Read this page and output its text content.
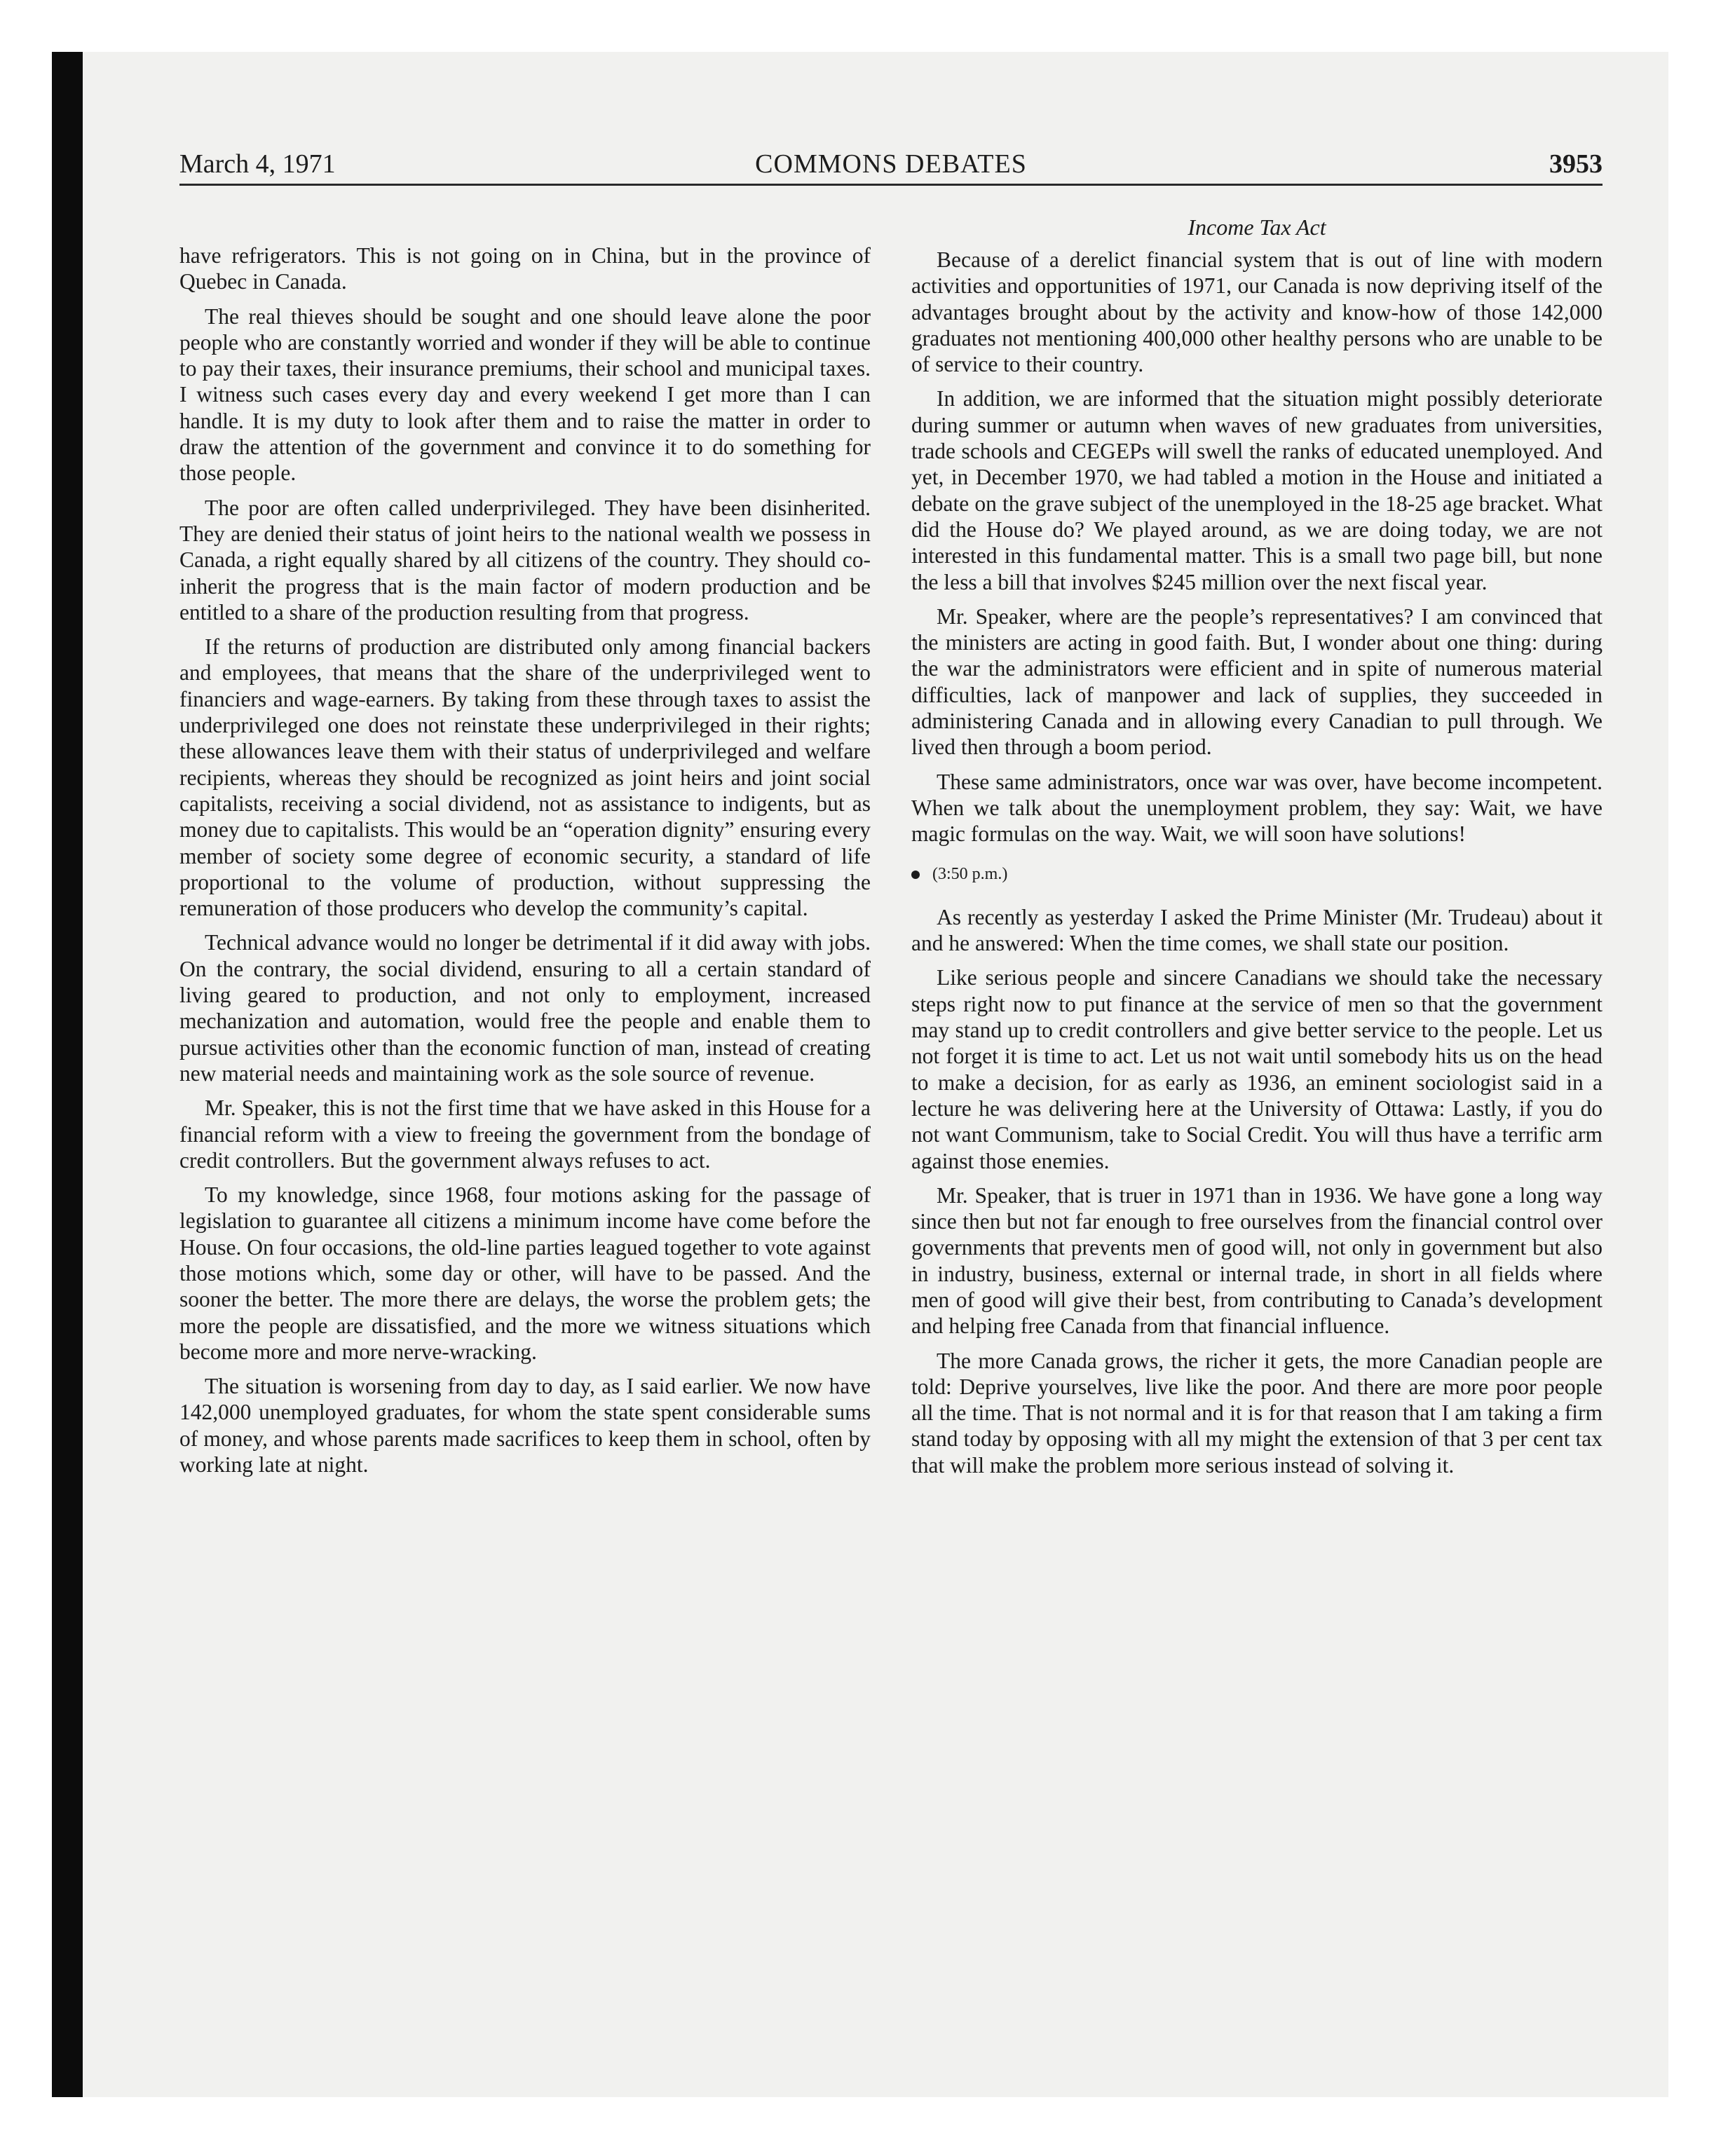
March 4, 1971	COMMONS DEBATES	3953
Income Tax Act

have refrigerators. This is not going on in China, but in the province of Quebec in Canada.

The real thieves should be sought and one should leave alone the poor people who are constantly worried and wonder if they will be able to continue to pay their taxes, their insurance premiums, their school and municipal taxes. I witness such cases every day and every weekend I get more than I can handle. It is my duty to look after them and to raise the matter in order to draw the attention of the government and convince it to do something for those people.

The poor are often called underprivileged. They have been disinherited. They are denied their status of joint heirs to the national wealth we possess in Canada, a right equally shared by all citizens of the country. They should co-inherit the progress that is the main factor of modern production and be entitled to a share of the production resulting from that progress.

If the returns of production are distributed only among financial backers and employees, that means that the share of the underprivileged went to financiers and wage-earners. By taking from these through taxes to assist the underprivileged one does not reinstate these underprivileged in their rights; these allowances leave them with their status of underprivileged and welfare recipients, whereas they should be recognized as joint heirs and joint social capitalists, receiving a social dividend, not as assistance to indigents, but as money due to capitalists. This would be an “operation dignity” ensuring every member of society some degree of economic security, a standard of life proportional to the volume of production, without suppressing the remuneration of those producers who develop the community’s capital.

Technical advance would no longer be detrimental if it did away with jobs. On the contrary, the social dividend, ensuring to all a certain standard of living geared to production, and not only to employment, increased mechanization and automation, would free the people and enable them to pursue activities other than the economic function of man, instead of creating new material needs and maintaining work as the sole source of revenue.

Mr. Speaker, this is not the first time that we have asked in this House for a financial reform with a view to freeing the government from the bondage of credit controllers. But the government always refuses to act.

To my knowledge, since 1968, four motions asking for the passage of legislation to guarantee all citizens a minimum income have come before the House. On four occasions, the old-line parties leagued together to vote against those motions which, some day or other, will have to be passed. And the sooner the better. The more there are delays, the worse the problem gets; the more the people are dissatisfied, and the more we witness situations which become more and more nerve-wracking.

The situation is worsening from day to day, as I said earlier. We now have 142,000 unemployed graduates, for whom the state spent considerable sums of money, and whose parents made sacrifices to keep them in school, often by working late at night.

Because of a derelict financial system that is out of line with modern activities and opportunities of 1971, our Canada is now depriving itself of the advantages brought about by the activity and know-how of those 142,000 graduates not mentioning 400,000 other healthy persons who are unable to be of service to their country.

In addition, we are informed that the situation might possibly deteriorate during summer or autumn when waves of new graduates from universities, trade schools and CEGEPs will swell the ranks of educated unemployed. And yet, in December 1970, we had tabled a motion in the House and initiated a debate on the grave subject of the unemployed in the 18-25 age bracket. What did the House do? We played around, as we are doing today, we are not interested in this fundamental matter. This is a small two page bill, but none the less a bill that involves $245 million over the next fiscal year.

Mr. Speaker, where are the people’s representatives? I am convinced that the ministers are acting in good faith. But, I wonder about one thing: during the war the administrators were efficient and in spite of numerous material difficulties, lack of manpower and lack of supplies, they succeeded in administering Canada and in allowing every Canadian to pull through. We lived then through a boom period.

These same administrators, once war was over, have become incompetent. When we talk about the unemployment problem, they say: Wait, we have magic formulas on the way. Wait, we will soon have solutions!

(3:50 p.m.)

As recently as yesterday I asked the Prime Minister (Mr. Trudeau) about it and he answered: When the time comes, we shall state our position.

Like serious people and sincere Canadians we should take the necessary steps right now to put finance at the service of men so that the government may stand up to credit controllers and give better service to the people. Let us not forget it is time to act. Let us not wait until somebody hits us on the head to make a decision, for as early as 1936, an eminent sociologist said in a lecture he was delivering here at the University of Ottawa: Lastly, if you do not want Communism, take to Social Credit. You will thus have a terrific arm against those enemies.

Mr. Speaker, that is truer in 1971 than in 1936. We have gone a long way since then but not far enough to free ourselves from the financial control over governments that prevents men of good will, not only in government but also in industry, business, external or internal trade, in short in all fields where men of good will give their best, from contributing to Canada’s development and helping free Canada from that financial influence.

The more Canada grows, the richer it gets, the more Canadian people are told: Deprive yourselves, live like the poor. And there are more poor people all the time. That is not normal and it is for that reason that I am taking a firm stand today by opposing with all my might the extension of that 3 per cent tax that will make the problem more serious instead of solving it.
